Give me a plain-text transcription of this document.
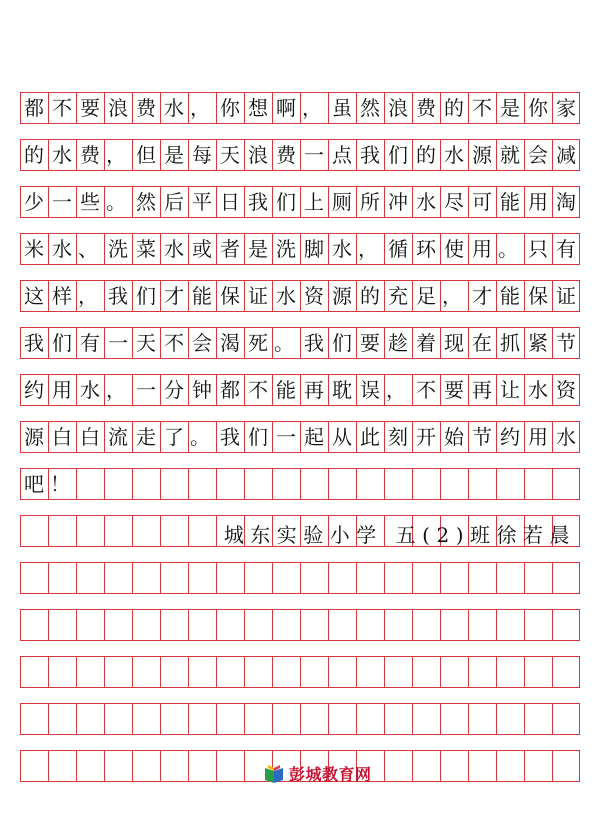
都 不 要 浪 费 水 ， 你 想 啊 ， 虽 然 浪 费 的 不 是 你 家
的 水 费 ， 但 是 每 天 浪 费 一 点 我 们 的 水 源 就 会 减
少 一 些 。 然 后 平 日 我 们 上 厕 所 冲 水 尽 可 能 用 淘
米 水 、 洗 菜 水 或 者 是 洗 脚 水 ， 循 环 使 用 。 只 有
这 样 ， 我 们 才 能 保 证 水 资 源 的 充 足 ， 才 能 保 证
我 们 有 一 天 不 会 渴 死 。 我 们 要 趁 着 现 在 抓 紧 节
约 用 水 ， 一 分 钟 都 不 能 再 耽 误 ， 不 要 再 让 水 资
源 白 白 流 走 了 。 我 们 一 起 从 此 刻 开 始 节 约 用 水
吧 ！
城东实验小学 五(2)班徐若晨
彭城教育网
